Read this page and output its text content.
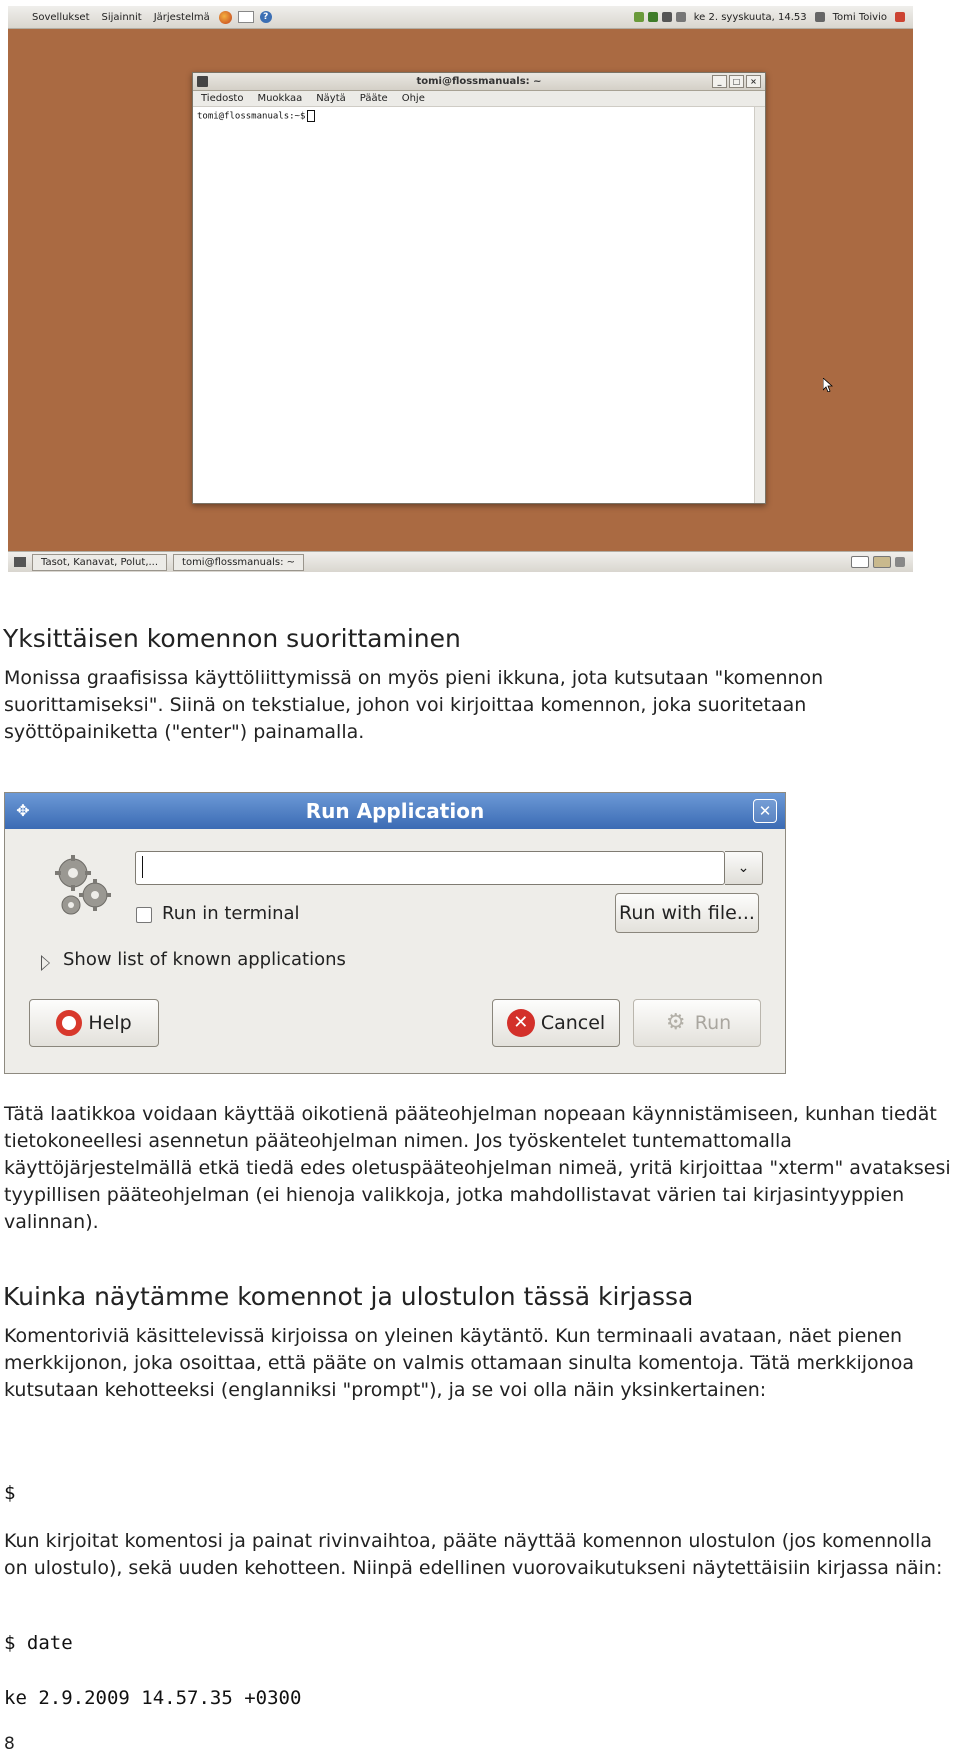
Sovellukset	Sijainnit	Järjestelmä	?	ke 2. syyskuuta, 14.53	Tomi Toivio
tomi@flossmanuals: ~	_	□	×
Tiedosto Muokkaa Näytä Pääte Ohje
tomi@flossmanuals:~$
Tasot, Kanavat, Polut,...	tomi@flossmanuals: ~
Yksittäisen komennon suorittaminen

Monissa graafisissa käyttöliittymissä on myös pieni ikkuna, jota kutsutaan "komennon suorittamiseksi". Siinä on tekstialue, johon voi kirjoittaa komennon, joka suoritetaan syöttöpainiketta ("enter") painamalla.

✥	Run Application	✕
⌄
Run in terminal	Run with file...
Show list of known applications
Help	✕ Cancel	⚙ Run

Tätä laatikkoa voidaan käyttää oikotienä pääteohjelman nopeaan käynnistämiseen, kunhan tiedät tietokoneellesi asennetun pääteohjelman nimen. Jos työskentelet tuntemattomalla käyttöjärjestelmällä etkä tiedä edes oletuspääteohjelman nimeä, yritä kirjoittaa "xterm" avataksesi tyypillisen pääteohjelman (ei hienoja valikkoja, jotka mahdollistavat värien tai kirjasintyyppien valinnan).

Kuinka näytämme komennot ja ulostulon tässä kirjassa

Komentoriviä käsittelevissä kirjoissa on yleinen käytäntö. Kun terminaali avataan, näet pienen merkkijonon, joka osoittaa, että pääte on valmis ottamaan sinulta komentoja. Tätä merkkijonoa kutsutaan kehotteeksi (englanniksi "prompt"), ja se voi olla näin yksinkertainen:

$

Kun kirjoitat komentosi ja painat rivinvaihtoa, pääte näyttää komennon ulostulon (jos komennolla on ulostulo), sekä uuden kehotteen. Niinpä edellinen vuorovaikutukseni näytettäisiin kirjassa näin:

$ date
ke 2.9.2009 14.57.35 +0300
8
